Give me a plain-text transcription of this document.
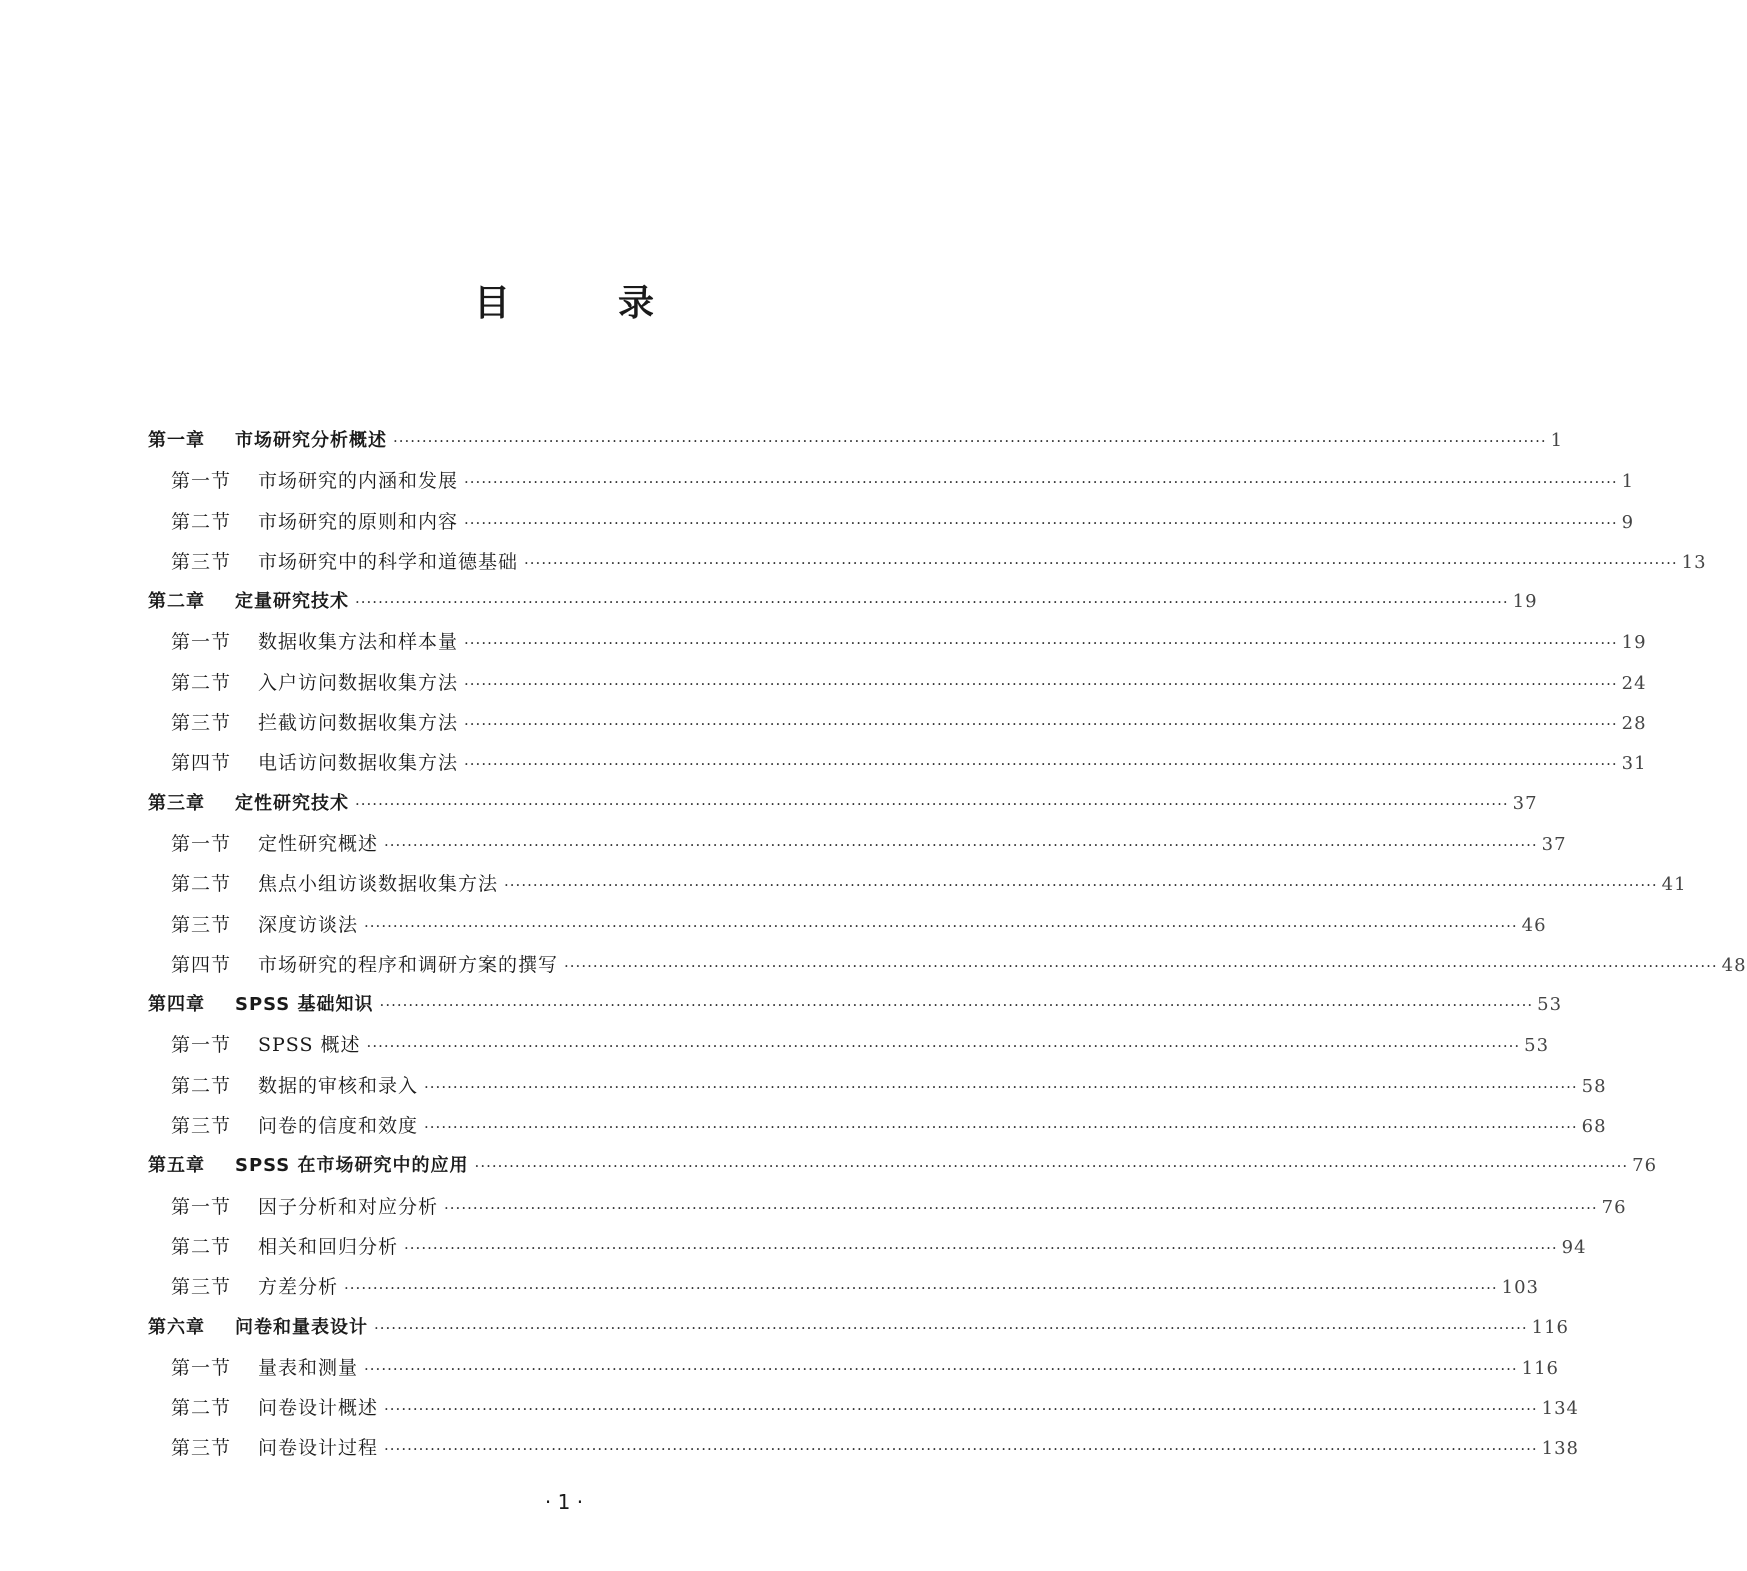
目　录
第一章	市场研究分析概述 ········································································································································································································ 1
第一节	市场研究的内涵和发展 ········································································································································································································ 1
第二节	市场研究的原则和内容 ········································································································································································································ 9
第三节	市场研究中的科学和道德基础 ········································································································································································································ 13
第二章	定量研究技术 ········································································································································································································ 19
第一节	数据收集方法和样本量 ········································································································································································································ 19
第二节	入户访问数据收集方法 ········································································································································································································ 24
第三节	拦截访问数据收集方法 ········································································································································································································ 28
第四节	电话访问数据收集方法 ········································································································································································································ 31
第三章	定性研究技术 ········································································································································································································ 37
第一节	定性研究概述 ········································································································································································································ 37
第二节	焦点小组访谈数据收集方法 ········································································································································································································ 41
第三节	深度访谈法 ········································································································································································································ 46
第四节	市场研究的程序和调研方案的撰写 ········································································································································································································ 48
第四章	SPSS 基础知识 ········································································································································································································ 53
第一节	SPSS 概述 ········································································································································································································ 53
第二节	数据的审核和录入 ········································································································································································································ 58
第三节	问卷的信度和效度 ········································································································································································································ 68
第五章	SPSS 在市场研究中的应用 ········································································································································································································ 76
第一节	因子分析和对应分析 ········································································································································································································ 76
第二节	相关和回归分析 ········································································································································································································ 94
第三节	方差分析 ········································································································································································································ 103
第六章	问卷和量表设计 ········································································································································································································ 116
第一节	量表和测量 ········································································································································································································ 116
第二节	问卷设计概述 ········································································································································································································ 134
第三节	问卷设计过程 ········································································································································································································ 138
· 1 ·
